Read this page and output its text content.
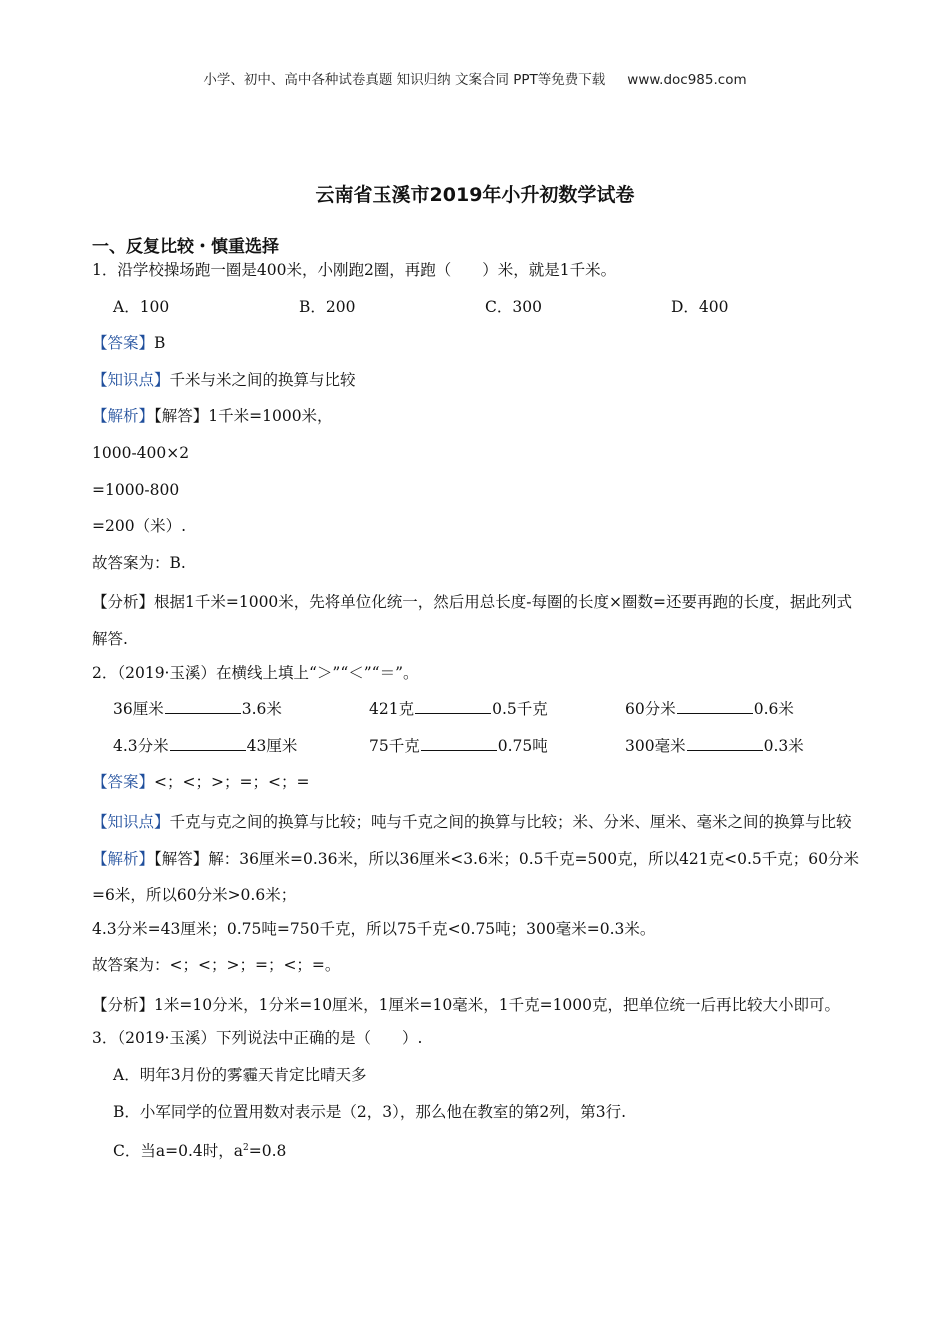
小学、初中、高中各种试卷真题 知识归纳 文案合同 PPT等免费下载 www.doc985.com
云南省玉溪市2019年小升初数学试卷
一、反复比较・慎重选择
1．沿学校操场跑一圈是400米，小刚跑2圈，再跑（　　）米，就是1千米。
A．100	B．200	C．300	D．400
【答案】B
【知识点】千米与米之间的换算与比较
【解析】【解答】1千米=1000米，
1000-400×2
=1000-800
=200（米）.
故答案为：B.
【分析】根据1千米=1000米，先将单位化统一，然后用总长度-每圈的长度×圈数=还要再跑的长度，据此列式解答.
2．（2019·玉溪）在横线上填上“＞”“＜”“＝”。
36厘米	3.6米	421克	0.5千克	60分米	0.6米
4.3分米	43厘米	75千克	0.75吨	300毫米	0.3米
【答案】<；<；>；=；<；=
【知识点】千克与克之间的换算与比较；吨与千克之间的换算与比较；米、分米、厘米、毫米之间的换算与比较
【解析】【解答】解：36厘米=0.36米，所以36厘米<3.6米；0.5千克=500克，所以421克<0.5千克；60分米=6米，所以60分米>0.6米；
4.3分米=43厘米；0.75吨=750千克，所以75千克<0.75吨；300毫米=0.3米。
故答案为：<；<；>；=；<；=。
【分析】1米=10分米，1分米=10厘米，1厘米=10毫米，1千克=1000克，把单位统一后再比较大小即可。
3．（2019·玉溪）下列说法中正确的是（　　）.
A．明年3月份的雾霾天肯定比晴天多
B．小军同学的位置用数对表示是（2，3），那么他在教室的第2列，第3行.
C．当a=0.4时，$a^2=0.8$
